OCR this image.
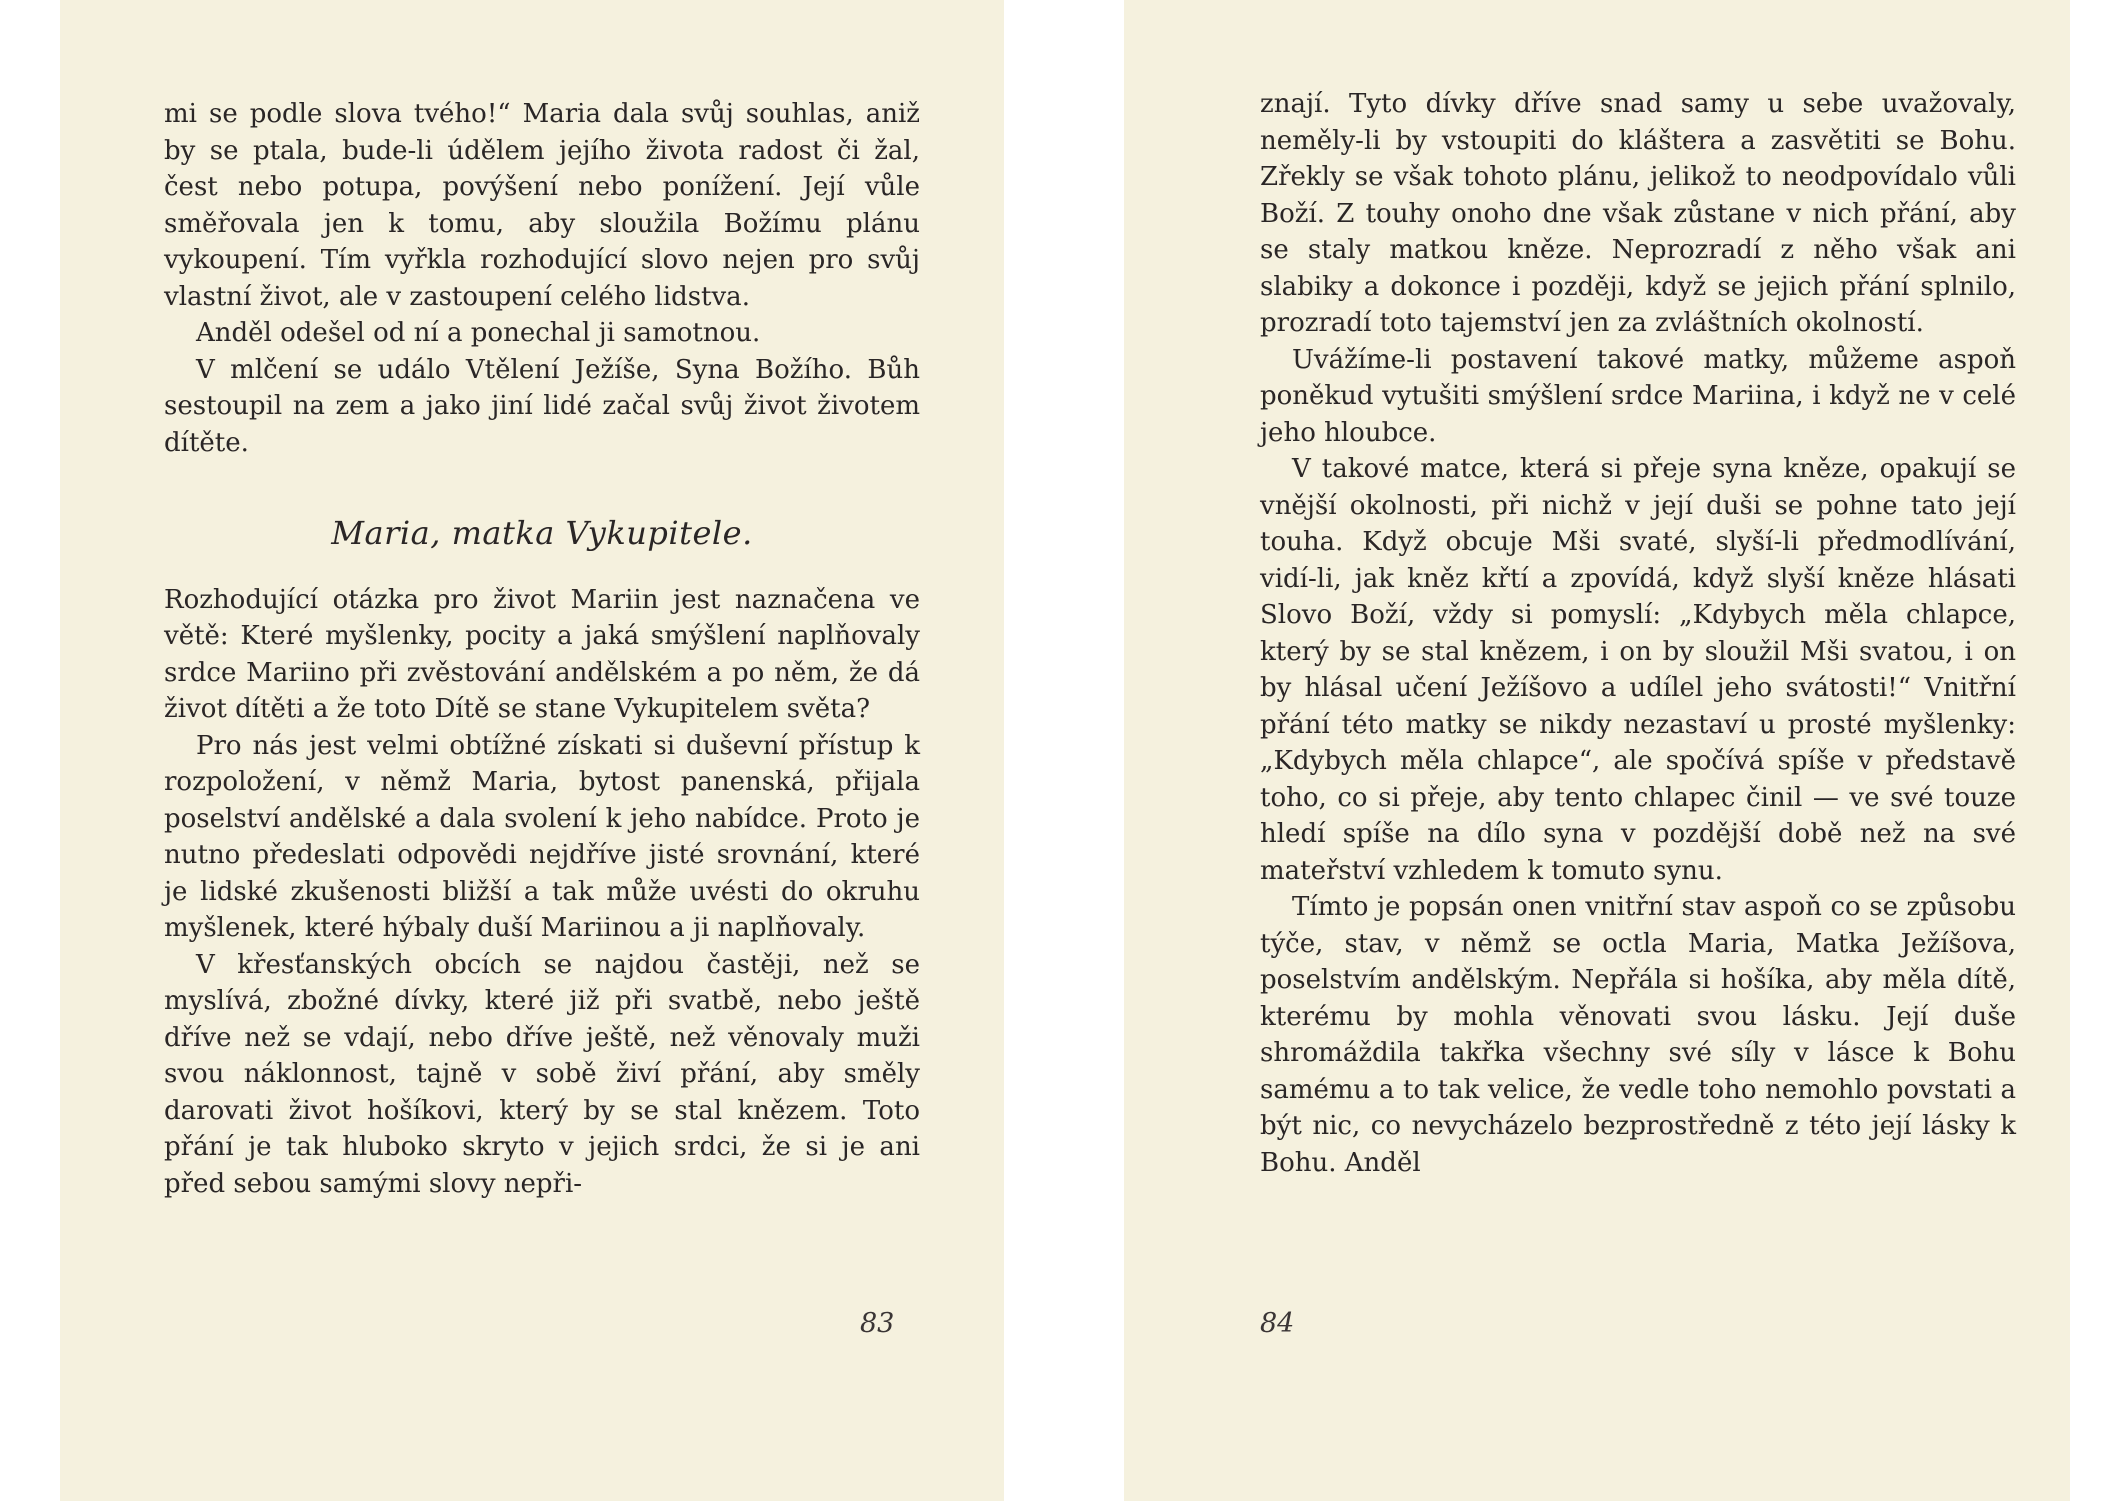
mi se podle slova tvého!“ Maria dala svůj souhlas, aniž by se ptala, bude-li údělem jejího života radost či žal, čest nebo potupa, povýšení nebo ponížení. Její vůle směřovala jen k tomu, aby sloužila Božímu plánu vykoupení. Tím vyřkla rozhodující slovo nejen pro svůj vlastní život, ale v zastoupení celého lidstva.

Anděl odešel od ní a ponechal ji samotnou.

V mlčení se událo Vtělení Ježíše, Syna Božího. Bůh sestoupil na zem a jako jiní lidé začal svůj život životem dítěte.

Maria, matka Vykupitele.

Rozhodující otázka pro život Mariin jest naznačena ve větě: Které myšlenky, pocity a jaká smýšlení naplňovaly srdce Mariino při zvěstování andělském a po něm, že dá život dítěti a že toto Dítě se stane Vykupitelem světa?

Pro nás jest velmi obtížné získati si duševní přístup k rozpoložení, v němž Maria, bytost panenská, přijala poselství andělské a dala svolení k jeho nabídce. Proto je nutno předeslati odpovědi nejdříve jisté srovnání, které je lidské zkušenosti bližší a tak může uvésti do okruhu myšlenek, které hýbaly duší Mariinou a ji naplňovaly.

V křesťanských obcích se najdou častěji, než se myslívá, zbožné dívky, které již při svatbě, nebo ještě dříve než se vdají, nebo dříve ještě, než věnovaly muži svou náklonnost, tajně v sobě živí přání, aby směly darovati život hošíkovi, který by se stal knězem. Toto přání je tak hluboko skryto v jejich srdci, že si je ani před sebou samými slovy nepři-

83

znají. Tyto dívky dříve snad samy u sebe uvažovaly, neměly-li by vstoupiti do kláštera a zasvětiti se Bohu. Zřekly se však tohoto plánu, jelikož to neodpovídalo vůli Boží. Z touhy onoho dne však zůstane v nich přání, aby se staly matkou kněze. Neprozradí z něho však ani slabiky a dokonce i později, když se jejich přání splnilo, prozradí toto tajemství jen za zvláštních okolností.

Uvážíme-li postavení takové matky, můžeme aspoň poněkud vytušiti smýšlení srdce Mariina, i když ne v celé jeho hloubce.

V takové matce, která si přeje syna kněze, opakují se vnější okolnosti, při nichž v její duši se pohne tato její touha. Když obcuje Mši svaté, slyší-li předmodlívání, vidí-li, jak kněz křtí a zpovídá, když slyší kněze hlásati Slovo Boží, vždy si pomyslí: „Kdybych měla chlapce, který by se stal knězem, i on by sloužil Mši svatou, i on by hlásal učení Ježíšovo a udílel jeho svátosti!“ Vnitřní přání této matky se nikdy nezastaví u prosté myšlenky: „Kdybych měla chlapce“, ale spočívá spíše v představě toho, co si přeje, aby tento chlapec činil — ve své touze hledí spíše na dílo syna v pozdější době než na své mateřství vzhledem k tomuto synu.

Tímto je popsán onen vnitřní stav aspoň co se způsobu týče, stav, v němž se octla Maria, Matka Ježíšova, poselstvím andělským. Nepřála si hošíka, aby měla dítě, kterému by mohla věnovati svou lásku. Její duše shromáždila takřka všechny své síly v lásce k Bohu samému a to tak velice, že vedle toho nemohlo povstati a být nic, co nevycházelo bezprostředně z této její lásky k Bohu. Anděl

84
